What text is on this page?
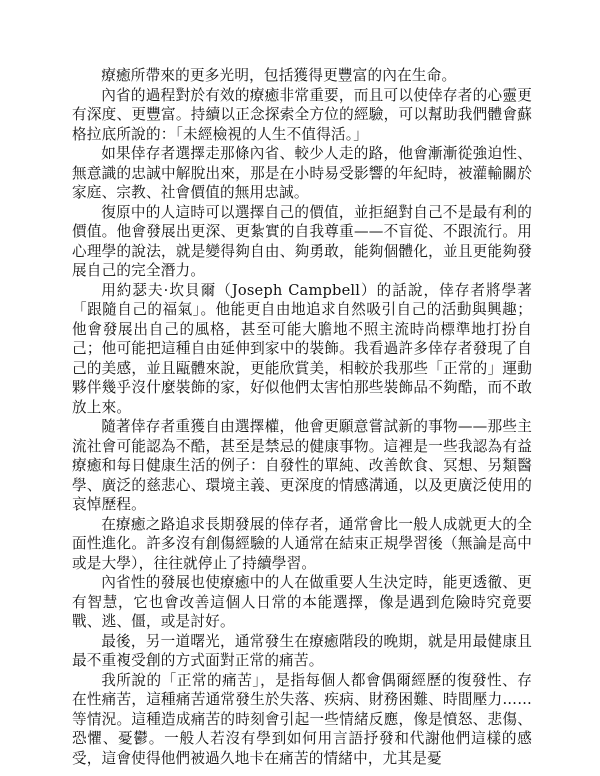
療癒所帶來的更多光明，包括獲得更豐富的內在生命。

內省的過程對於有效的療癒非常重要，而且可以使倖存者的心靈更有深度、更豐富。持續以正念探索全方位的經驗，可以幫助我們體會蘇格拉底所說的：「未經檢視的人生不值得活。」

如果倖存者選擇走那條內省、較少人走的路，他會漸漸從強迫性、無意識的忠誠中解脫出來，那是在小時易受影響的年紀時，被灌輸關於家庭、宗教、社會價值的無用忠誠。

復原中的人這時可以選擇自己的價值，並拒絕對自己不是最有利的價值。他會發展出更深、更紮實的自我尊重——不盲從、不跟流行。用心理學的說法，就是變得夠自由、夠勇敢，能夠個體化，並且更能夠發展自己的完全潛力。

用約瑟夫·坎貝爾（Joseph Campbell）的話說，倖存者將學著「跟隨自己的福氣」。他能更自由地追求自然吸引自己的活動與興趣；他會發展出自己的風格，甚至可能大膽地不照主流時尚標準地打扮自己；他可能把這種自由延伸到家中的裝飾。我看過許多倖存者發現了自己的美感，並且甌體來說，更能欣賞美，相較於我那些「正常的」運動夥伴幾乎沒什麼裝飾的家，好似他們太害怕那些裝飾品不夠酷，而不敢放上來。

隨著倖存者重獲自由選擇權，他會更願意嘗試新的事物——那些主流社會可能認為不酷，甚至是禁忌的健康事物。這裡是一些我認為有益療癒和每日健康生活的例子：自發性的單純、改善飲食、冥想、另類醫學、廣泛的慈悲心、環境主義、更深度的情感溝通，以及更廣泛使用的哀悼歷程。

在療癒之路追求長期發展的倖存者，通常會比一般人成就更大的全面性進化。許多沒有創傷經驗的人通常在結束正規學習後（無論是高中或是大學），往往就停止了持續學習。

內省性的發展也使療癒中的人在做重要人生決定時，能更透徹、更有智慧，它也會改善這個人日常的本能選擇，像是遇到危險時究竟要戰、逃、僵，或是討好。

最後，另一道曙光，通常發生在療癒階段的晚期，就是用最健康且最不重複受創的方式面對正常的痛苦。

我所說的「正常的痛苦」，是指每個人都會偶爾經歷的復發性、存在性痛苦，這種痛苦通常發生於失落、疾病、財務困難、時間壓力……等情況。這種造成痛苦的時刻會引起一些情緒反應，像是憤怒、悲傷、恐懼、憂鬱。一般人若沒有學到如何用言語抒發和代謝他們這樣的感受，這會使得他們被過久地卡在痛苦的情緒中，尤其是憂
